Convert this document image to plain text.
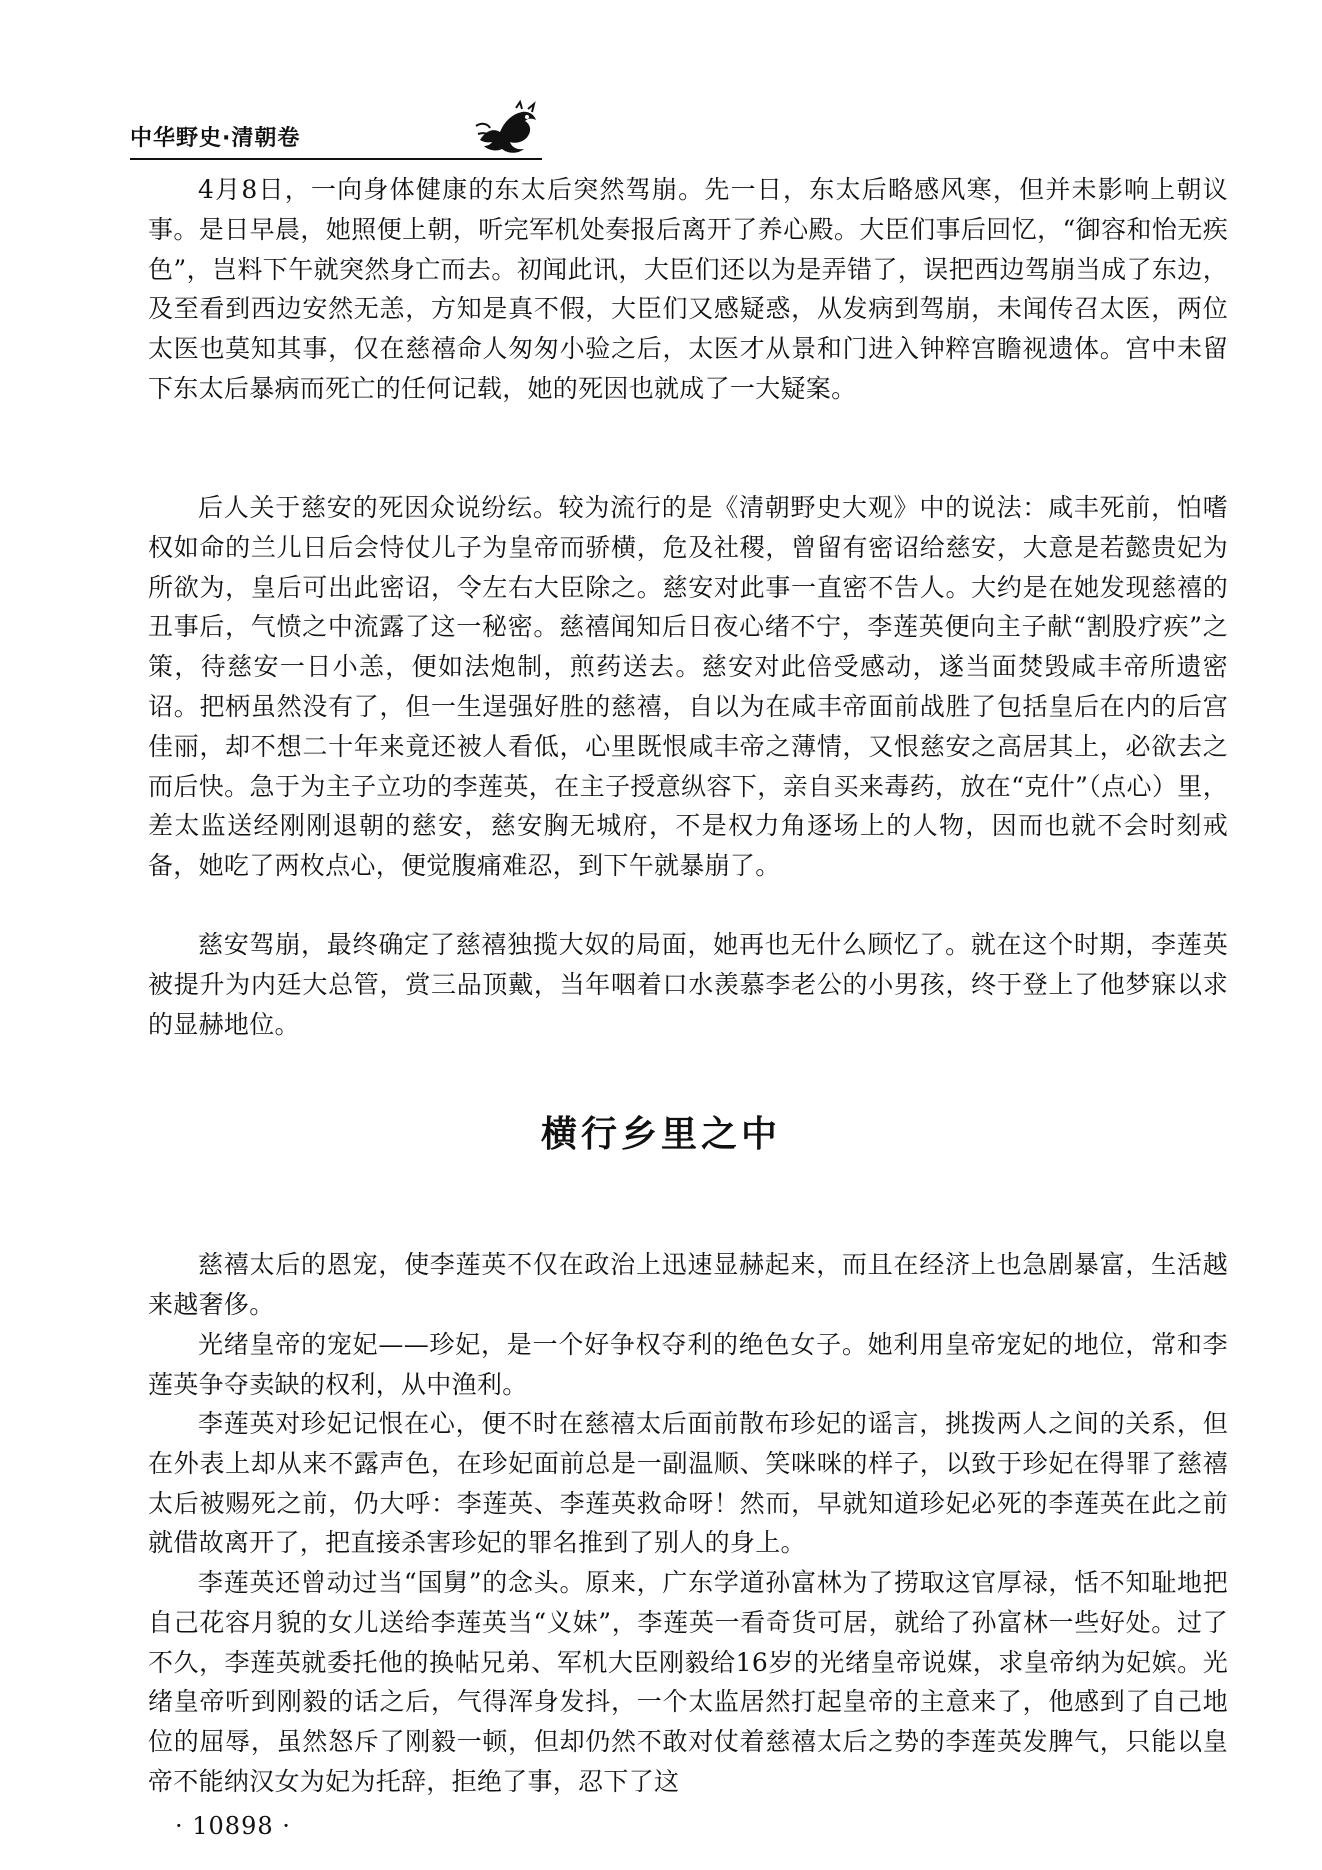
中华野史·清朝卷

4月8日，一向身体健康的东太后突然驾崩。先一日，东太后略感风寒，但并未影响上朝议事。是日早晨，她照便上朝，听完军机处奏报后离开了养心殿。大臣们事后回忆，“御容和怡无疾色”，岂料下午就突然身亡而去。初闻此讯，大臣们还以为是弄错了，误把西边驾崩当成了东边，及至看到西边安然无恙，方知是真不假，大臣们又感疑惑，从发病到驾崩，未闻传召太医，两位太医也莫知其事，仅在慈禧命人匆匆小验之后，太医才从景和门进入钟粹宫瞻视遗体。宫中未留下东太后暴病而死亡的任何记载，她的死因也就成了一大疑案。

后人关于慈安的死因众说纷纭。较为流行的是《清朝野史大观》中的说法：咸丰死前，怕嗜权如命的兰儿日后会恃仗儿子为皇帝而骄横，危及社稷，曾留有密诏给慈安，大意是若懿贵妃为所欲为，皇后可出此密诏，令左右大臣除之。慈安对此事一直密不告人。大约是在她发现慈禧的丑事后，气愤之中流露了这一秘密。慈禧闻知后日夜心绪不宁，李莲英便向主子献“割股疗疾”之策，待慈安一日小恙，便如法炮制，煎药送去。慈安对此倍受感动，遂当面焚毁咸丰帝所遗密诏。把柄虽然没有了，但一生逞强好胜的慈禧，自以为在咸丰帝面前战胜了包括皇后在内的后宫佳丽，却不想二十年来竟还被人看低，心里既恨咸丰帝之薄情，又恨慈安之高居其上，必欲去之而后快。急于为主子立功的李莲英，在主子授意纵容下，亲自买来毒药，放在“克什”（点心）里，差太监送经刚刚退朝的慈安，慈安胸无城府，不是权力角逐场上的人物，因而也就不会时刻戒备，她吃了两枚点心，便觉腹痛难忍，到下午就暴崩了。

慈安驾崩，最终确定了慈禧独揽大奴的局面，她再也无什么顾忆了。就在这个时期，李莲英被提升为内廷大总管，赏三品顶戴，当年咽着口水羡慕李老公的小男孩，终于登上了他梦寐以求的显赫地位。

横行乡里之中

慈禧太后的恩宠，使李莲英不仅在政治上迅速显赫起来，而且在经济上也急剧暴富，生活越来越奢侈。

光绪皇帝的宠妃——珍妃，是一个好争权夺利的绝色女子。她利用皇帝宠妃的地位，常和李莲英争夺卖缺的权利，从中渔利。

李莲英对珍妃记恨在心，便不时在慈禧太后面前散布珍妃的谣言，挑拨两人之间的关系，但在外表上却从来不露声色，在珍妃面前总是一副温顺、笑咪咪的样子，以致于珍妃在得罪了慈禧太后被赐死之前，仍大呼：李莲英、李莲英救命呀！然而，早就知道珍妃必死的李莲英在此之前就借故离开了，把直接杀害珍妃的罪名推到了别人的身上。

李莲英还曾动过当“国舅”的念头。原来，广东学道孙富林为了捞取这官厚禄，恬不知耻地把自己花容月貌的女儿送给李莲英当“义妹”，李莲英一看奇货可居，就给了孙富林一些好处。过了不久，李莲英就委托他的换帖兄弟、军机大臣刚毅给16岁的光绪皇帝说媒，求皇帝纳为妃嫔。光绪皇帝听到刚毅的话之后，气得浑身发抖，一个太监居然打起皇帝的主意来了，他感到了自己地位的屈辱，虽然怒斥了刚毅一顿，但却仍然不敢对仗着慈禧太后之势的李莲英发脾气，只能以皇帝不能纳汉女为妃为托辞，拒绝了事，忍下了这

· 10898 ·
